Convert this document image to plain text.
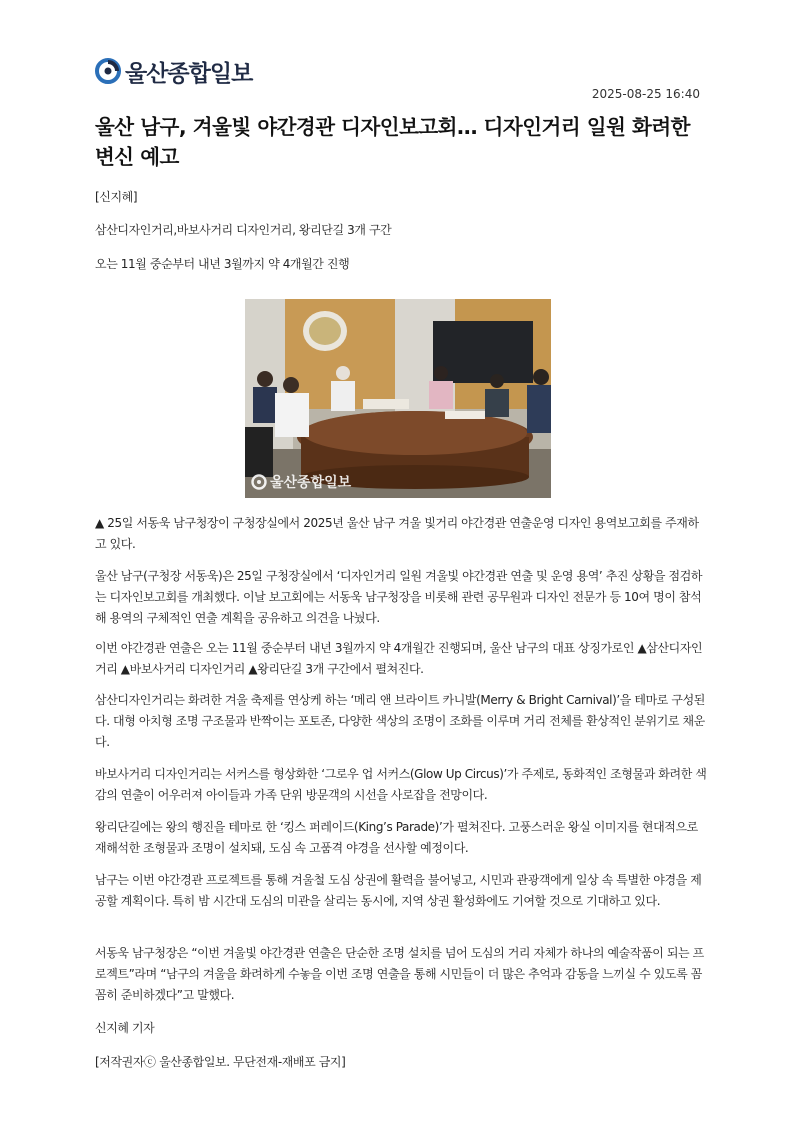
울산종합일보
2025-08-25 16:40
울산 남구, 겨울빛 야간경관 디자인보고회… 디자인거리 일원 화려한 변신 예고

[신지혜]

삼산디자인거리,바보사거리 디자인거리, 왕리단길 3개 구간

오는 11월 중순부터 내년 3월까지 약 4개월간 진행

울산종합일보

▲ 25일 서동욱 남구청장이 구청장실에서 2025년 울산 남구 겨울 빛거리 야간경관 연출운영 디자인 용역보고회를 주재하고 있다.

울산 남구(구청장 서동욱)은 25일 구청장실에서 ‘디자인거리 일원 겨울빛 야간경관 연출 및 운영 용역’ 추진 상황을 점검하는 디자인보고회를 개최했다. 이날 보고회에는 서동욱 남구청장을 비롯해 관련 공무원과 디자인 전문가 등 10여 명이 참석해 용역의 구체적인 연출 계획을 공유하고 의견을 나눴다.

이번 야간경관 연출은 오는 11월 중순부터 내년 3월까지 약 4개월간 진행되며, 울산 남구의 대표 상징가로인 ▲삼산디자인거리 ▲바보사거리 디자인거리 ▲왕리단길 3개 구간에서 펼쳐진다.

삼산디자인거리는 화려한 겨울 축제를 연상케 하는 ‘메리 앤 브라이트 카니발(Merry & Bright Carnival)’을 테마로 구성된다. 대형 아치형 조명 구조물과 반짝이는 포토존, 다양한 색상의 조명이 조화를 이루며 거리 전체를 환상적인 분위기로 채운다.

바보사거리 디자인거리는 서커스를 형상화한 ‘그로우 업 서커스(Glow Up Circus)’가 주제로, 동화적인 조형물과 화려한 색감의 연출이 어우러져 아이들과 가족 단위 방문객의 시선을 사로잡을 전망이다.

왕리단길에는 왕의 행진을 테마로 한 ‘킹스 퍼레이드(King’s Parade)’가 펼쳐진다. 고풍스러운 왕실 이미지를 현대적으로 재해석한 조형물과 조명이 설치돼, 도심 속 고품격 야경을 선사할 예정이다.

남구는 이번 야간경관 프로젝트를 통해 겨울철 도심 상권에 활력을 불어넣고, 시민과 관광객에게 일상 속 특별한 야경을 제공할 계획이다. 특히 밤 시간대 도심의 미관을 살리는 동시에, 지역 상권 활성화에도 기여할 것으로 기대하고 있다.

서동욱 남구청장은 “이번 겨울빛 야간경관 연출은 단순한 조명 설치를 넘어 도심의 거리 자체가 하나의 예술작품이 되는 프로젝트”라며 “남구의 겨울을 화려하게 수놓을 이번 조명 연출을 통해 시민들이 더 많은 추억과 감동을 느끼실 수 있도록 꼼꼼히 준비하겠다”고 말했다.

신지혜 기자

[저작권자ⓒ 울산종합일보. 무단전재-재배포 금지]
